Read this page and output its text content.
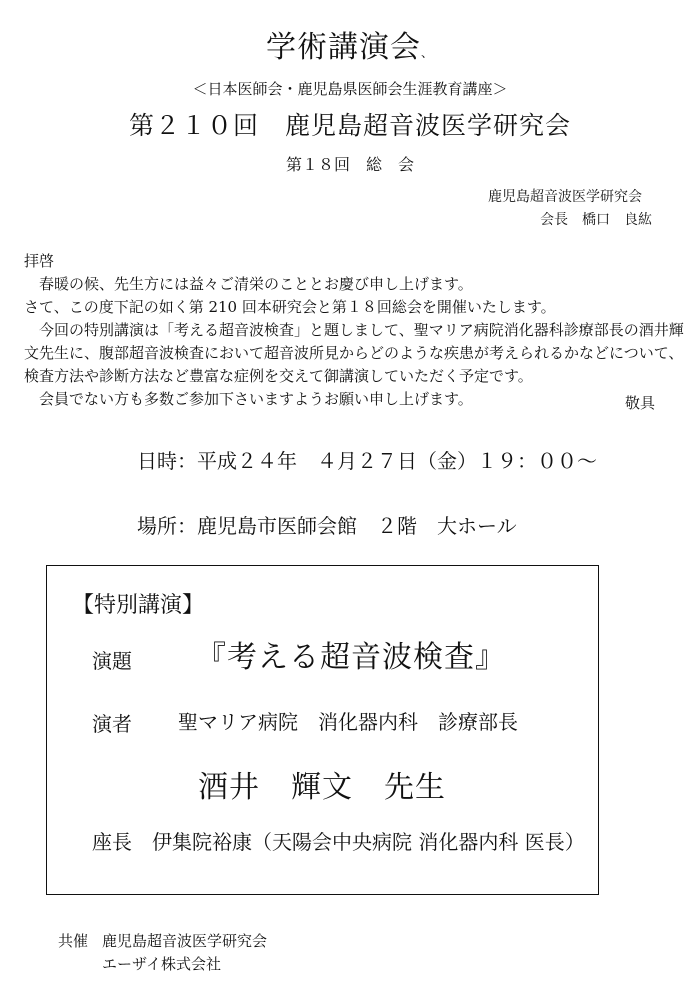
学術講演会、
＜日本医師会・鹿児島県医師会生涯教育講座＞
第２１０回　鹿児島超音波医学研究会
第１８回　総　会
鹿児島超音波医学研究会
会長　橋口　良紘

拝啓

　春暖の候、先生方には益々ご清栄のこととお慶び申し上げます。

さて、この度下記の如く第 210 回本研究会と第１８回総会を開催いたします。

　今回の特別講演は「考える超音波検査」と題しまして、聖マリア病院消化器科診療部長の酒井輝

文先生に、腹部超音波検査において超音波所見からどのような疾患が考えられるかなどについて、

検査方法や診断方法など豊富な症例を交えて御講演していただく予定です。

　会員でない方も多数ご参加下さいますようお願い申し上げます。	敬具
日時：平成２４年　４月２７日（金）１９：００～
場所：鹿児島市医師会館　２階　大ホール
【特別講演】
演題 『考える超音波検査』
演者 聖マリア病院　消化器内科　診療部長
酒井　輝文　先生
座長　伊集院裕康（天陽会中央病院 消化器内科 医長）
共催 鹿児島超音波医学研究会
エーザイ株式会社
